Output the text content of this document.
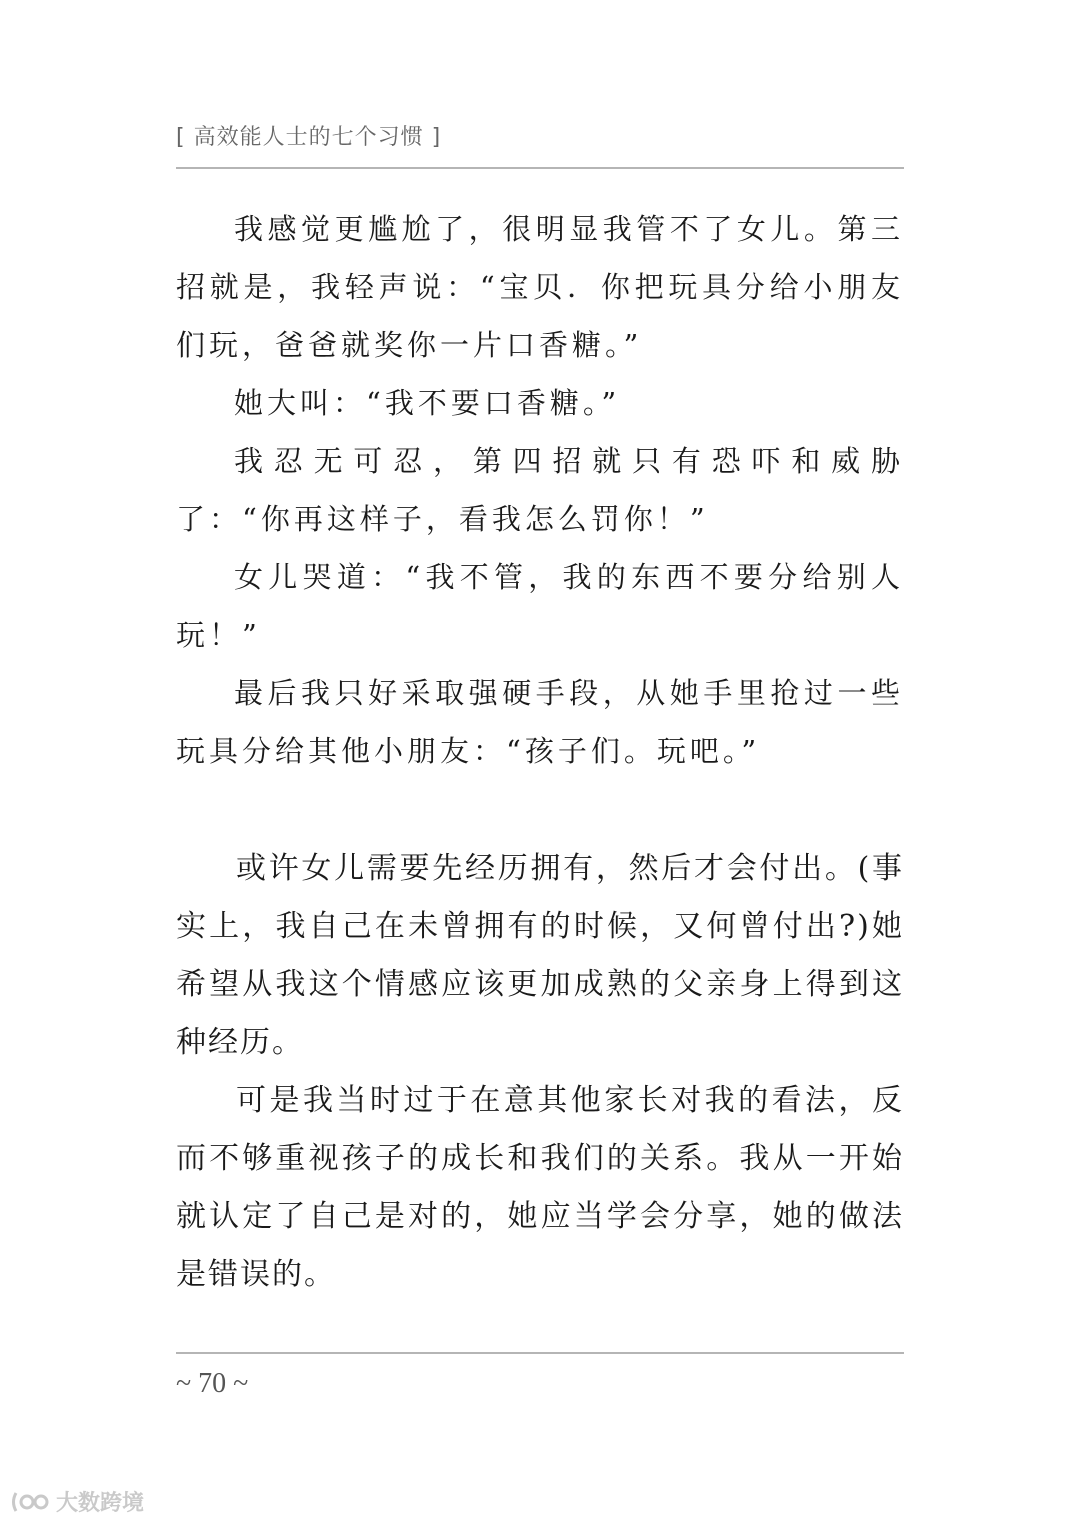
[ 高效能人士的七个习惯 ]

我感觉更尴尬了，很明显我管不了女儿。第三招就是，我轻声说：“宝贝．你把玩具分给小朋友们玩，爸爸就奖你一片口香糖。”

她大叫：“我不要口香糖。”

我忍无可忍，第四招就只有恐吓和威胁了：“你再这样子，看我怎么罚你！”

女儿哭道：“我不管，我的东西不要分给别人玩！”

最后我只好采取强硬手段，从她手里抢过一些玩具分给其他小朋友：“孩子们。玩吧。”

或许女儿需要先经历拥有，然后才会付出。(事实上，我自己在未曾拥有的时候，又何曾付出?)她希望从我这个情感应该更加成熟的父亲身上得到这种经历。

可是我当时过于在意其他家长对我的看法，反而不够重视孩子的成长和我们的关系。我从一开始就认定了自己是对的，她应当学会分享，她的做法是错误的。

~ 70 ~
大数跨境
